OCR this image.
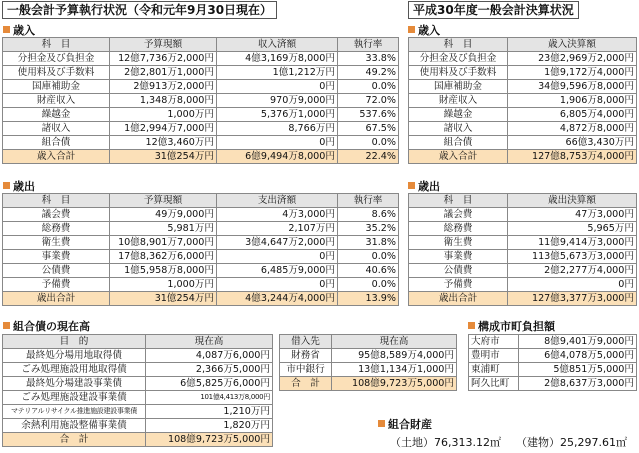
一般会計予算執行状況（令和元年9月30日現在）	平成30年度一般会計決算状況
歳入
科　目	予算現額	収入済額	執行率
分担金及び負担金	12億7,736万2,000円	4億3,169万8,000円	33.8%
使用料及び手数料	2億2,801万1,000円	1億1,212万円	49.2%
国庫補助金	2億913万2,000円	0円	0.0%
財産収入	1,348万8,000円	970万9,000円	72.0%
繰越金	1,000万円	5,376万1,000円	537.6%
諸収入	1億2,994万7,000円	8,766万円	67.5%
組合債	12億3,460万円	0円	0.0%
歳入合計	31億254万円	6億9,494万8,000円	22.4%
歳出
科　目	予算現額	支出済額	執行率
議会費	49万9,000円	4万3,000円	8.6%
総務費	5,981万円	2,107万円	35.2%
衛生費	10億8,901万7,000円	3億4,647万2,000円	31.8%
事業費	17億8,362万6,000円	0円	0.0%
公債費	1億5,958万8,000円	6,485万9,000円	40.6%
予備費	1,000万円	0円	0.0%
歳出合計	31億254万円	4億3,244万4,000円	13.9%
歳入
科　目	歳入決算額
分担金及び負担金	23億2,969万2,000円
使用料及び手数料	1億9,172万4,000円
国庫補助金	34億9,596万8,000円
財産収入	1,906万8,000円
繰越金	6,805万4,000円
諸収入	4,872万8,000円
組合債	66億3,430万円
歳入合計	127億8,753万4,000円
歳出
科　目	歳出決算額
議会費	47万3,000円
総務費	5,965万円
衛生費	11億9,414万3,000円
事業費	113億5,673万3,000円
公債費	2億2,277万4,000円
予備費	0円
歳出合計	127億3,377万3,000円
組合債の現在高
目　的	現在高
最終処分場用地取得債	4,087万6,000円
ごみ処理施設用地取得債	2,366万5,000円
最終処分場建設事業債	6億5,825万6,000円
ごみ処理施設建設事業債	101億4,413万8,000円
マテリアルリサイクル推進施設建設事業債	1,210万円
余熱利用施設整備事業債	1,820万円
合　計	108億9,723万5,000円
借入先	現在高
財務省	95億8,589万4,000円
市中銀行	13億1,134万1,000円
合　計	108億9,723万5,000円
構成市町負担額
大府市	8億9,401万9,000円
豊明市	6億4,078万5,000円
東浦町	5億851万5,000円
阿久比町	2億8,637万3,000円
組合財産
（土地）76,313.12㎡ （建物）25,297.61㎡
